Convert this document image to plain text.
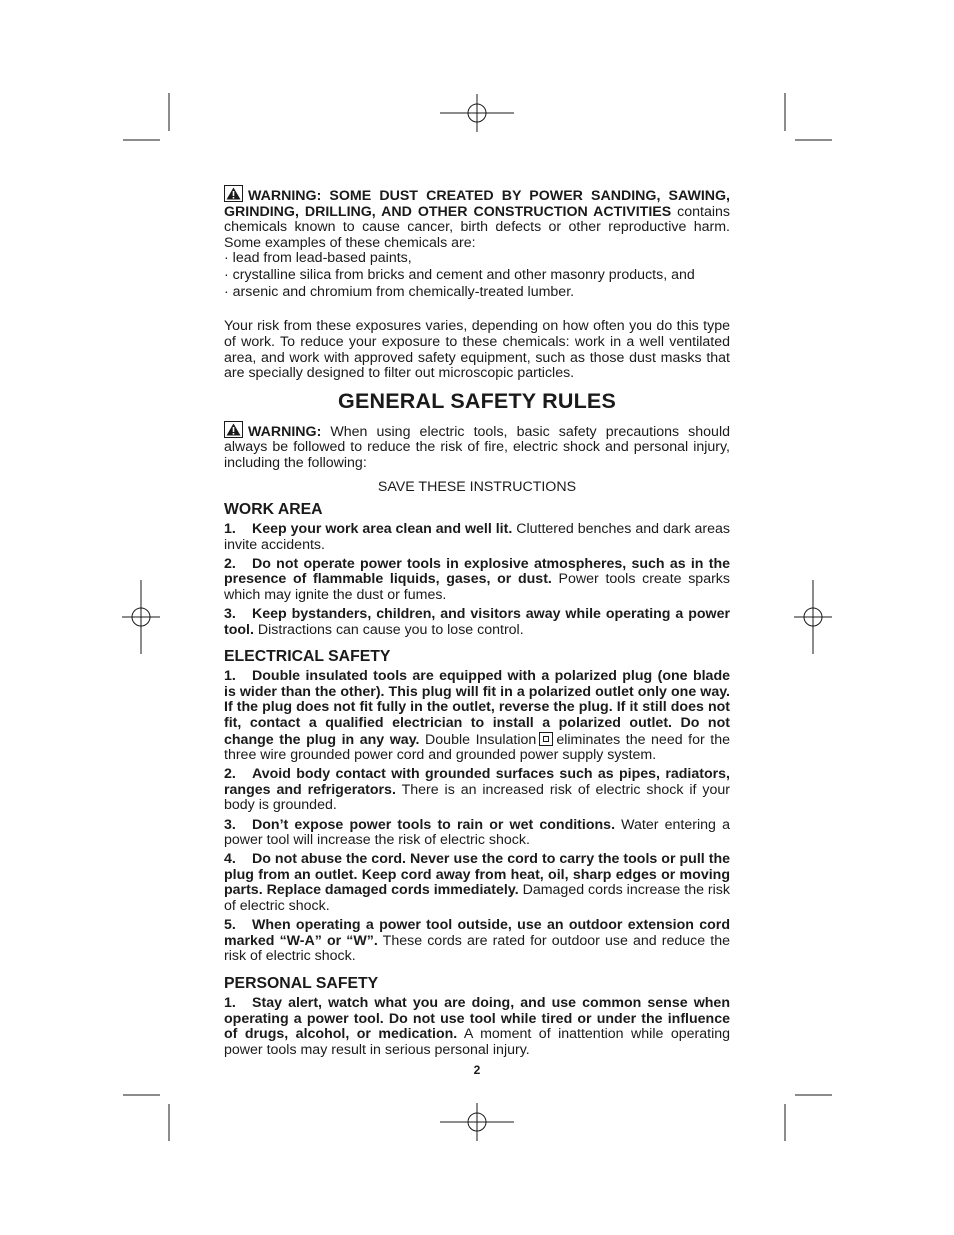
WARNING: SOME DUST CREATED BY POWER SANDING, SAWING, GRINDING, DRILLING, AND OTHER CONSTRUCTION ACTIVITIES contains chemicals known to cause cancer, birth defects or other reproductive harm. Some examples of these chemicals are:

· lead from lead-based paints,
· crystalline silica from bricks and cement and other masonry products, and
· arsenic and chromium from chemically-treated lumber.

Your risk from these exposures varies, depending on how often you do this type of work. To reduce your exposure to these chemicals: work in a well ventilated area, and work with approved safety equipment, such as those dust masks that are specially designed to filter out microscopic particles.

GENERAL SAFETY RULES

WARNING: When using electric tools, basic safety precautions should always be followed to reduce the risk of fire, electric shock and personal injury, including the following:

SAVE THESE INSTRUCTIONS
WORK AREA

1. Keep your work area clean and well lit. Cluttered benches and dark areas invite accidents.

2. Do not operate power tools in explosive atmospheres, such as in the presence of flammable liquids, gases, or dust. Power tools create sparks which may ignite the dust or fumes.

3. Keep bystanders, children, and visitors away while operating a power tool. Distractions can cause you to lose control.

ELECTRICAL SAFETY

1. Double insulated tools are equipped with a polarized plug (one blade is wider than the other). This plug will fit in a polarized outlet only one way. If the plug does not fit fully in the outlet, reverse the plug. If it still does not fit, contact a qualified electrician to install a polarized outlet. Do not change the plug in any way. Double Insulation eliminates the need for the three wire grounded power cord and grounded power supply system.

2. Avoid body contact with grounded surfaces such as pipes, radiators, ranges and refrigerators. There is an increased risk of electric shock if your body is grounded.

3. Don’t expose power tools to rain or wet conditions. Water entering a power tool will increase the risk of electric shock.

4. Do not abuse the cord. Never use the cord to carry the tools or pull the plug from an outlet. Keep cord away from heat, oil, sharp edges or moving parts. Replace damaged cords immediately. Damaged cords increase the risk of electric shock.

5. When operating a power tool outside, use an outdoor extension cord marked “W-A” or “W”. These cords are rated for outdoor use and reduce the risk of electric shock.

PERSONAL SAFETY

1. Stay alert, watch what you are doing, and use common sense when operating a power tool. Do not use tool while tired or under the influence of drugs, alcohol, or medication. A moment of inattention while operating power tools may result in serious personal injury.

2
